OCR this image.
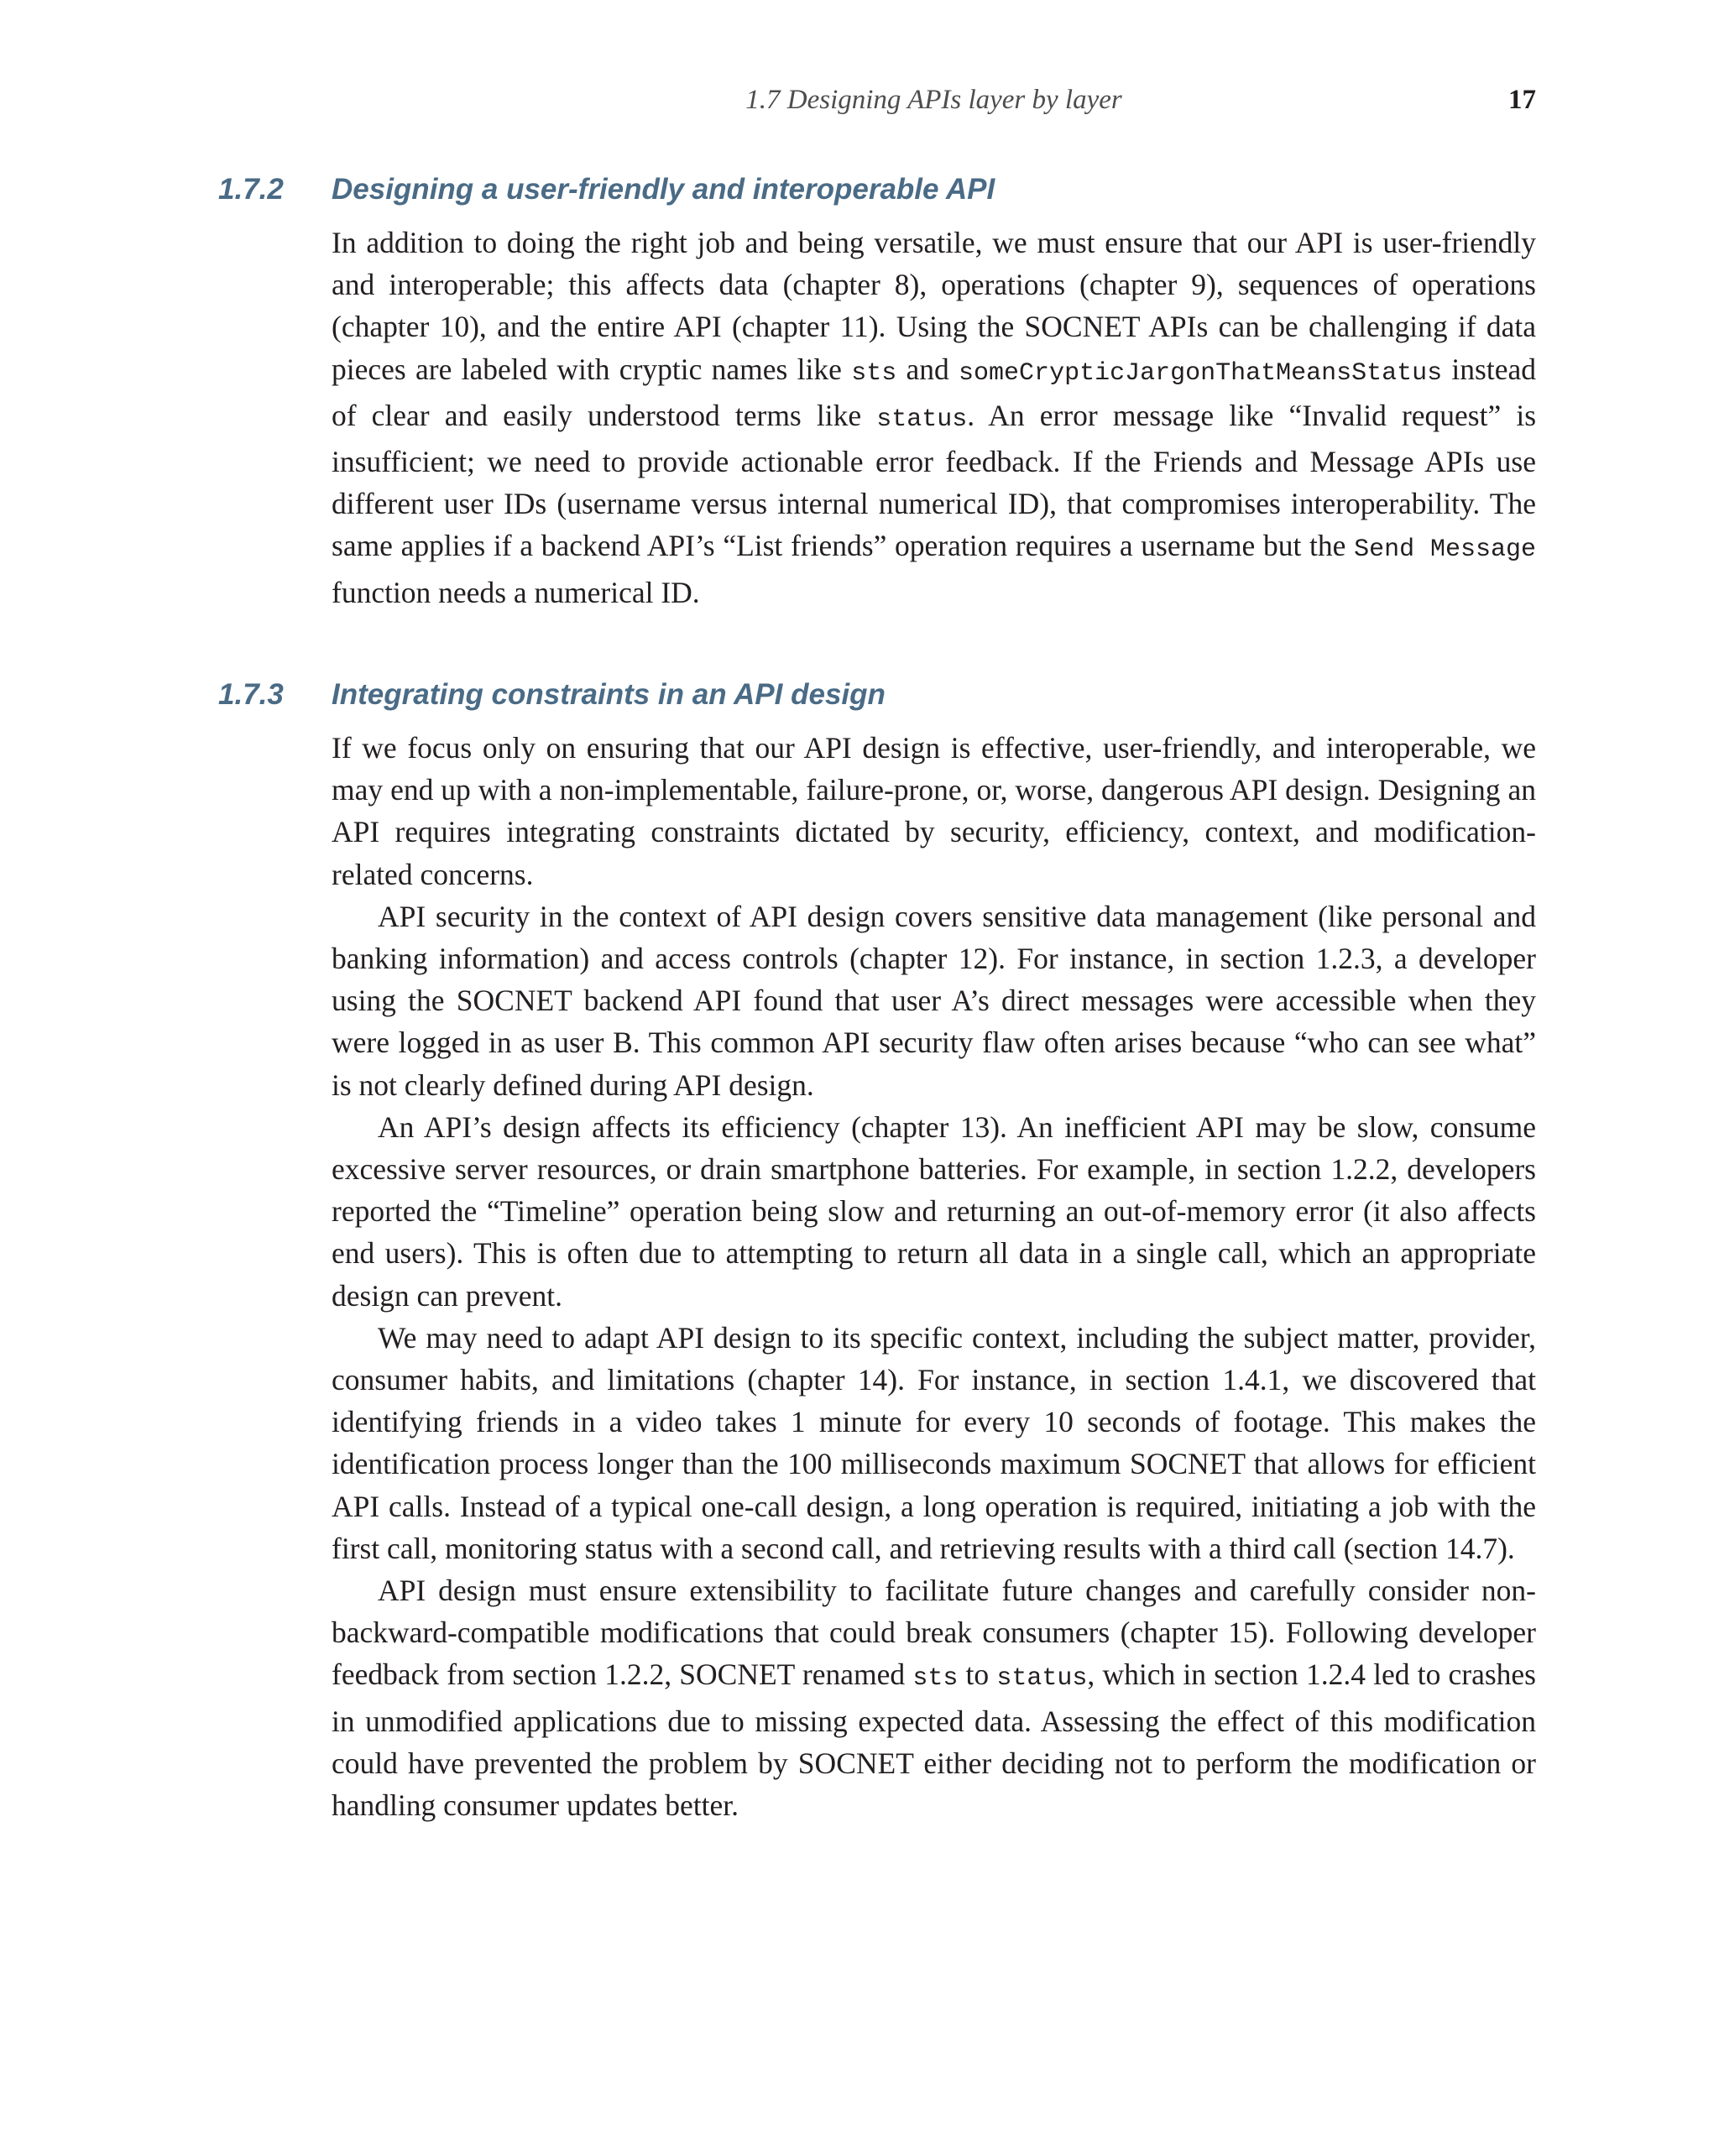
1.7 Designing APIs layer by layer	17
1.7.2 Designing a user-friendly and interoperable API

In addition to doing the right job and being versatile, we must ensure that our API is user-friendly and interoperable; this affects data (chapter 8), operations (chapter 9), sequences of operations (chapter 10), and the entire API (chapter 11). Using the SOCNET APIs can be challenging if data pieces are labeled with cryptic names like sts and someCrypticJargonThatMeansStatus instead of clear and easily understood terms like status. An error message like “Invalid request” is insufficient; we need to provide actionable error feedback. If the Friends and Message APIs use different user IDs (username versus internal numerical ID), that compromises interoperability. The same applies if a backend API’s “List friends” operation requires a username but the Send Message function needs a numerical ID.

1.7.3 Integrating constraints in an API design

If we focus only on ensuring that our API design is effective, user-friendly, and interoperable, we may end up with a non-implementable, failure-prone, or, worse, dangerous API design. Designing an API requires integrating constraints dictated by security, efficiency, context, and modification-related concerns.

API security in the context of API design covers sensitive data management (like personal and banking information) and access controls (chapter 12). For instance, in section 1.2.3, a developer using the SOCNET backend API found that user A’s direct messages were accessible when they were logged in as user B. This common API security flaw often arises because “who can see what” is not clearly defined during API design.

An API’s design affects its efficiency (chapter 13). An inefficient API may be slow, consume excessive server resources, or drain smartphone batteries. For example, in section 1.2.2, developers reported the “Timeline” operation being slow and returning an out-of-memory error (it also affects end users). This is often due to attempting to return all data in a single call, which an appropriate design can prevent.

We may need to adapt API design to its specific context, including the subject matter, provider, consumer habits, and limitations (chapter 14). For instance, in section 1.4.1, we discovered that identifying friends in a video takes 1 minute for every 10 seconds of footage. This makes the identification process longer than the 100 milliseconds maximum SOCNET that allows for efficient API calls. Instead of a typical one-call design, a long operation is required, initiating a job with the first call, monitoring status with a second call, and retrieving results with a third call (section 14.7).

API design must ensure extensibility to facilitate future changes and carefully consider non-backward-compatible modifications that could break consumers (chapter 15). Following developer feedback from section 1.2.2, SOCNET renamed sts to status, which in section 1.2.4 led to crashes in unmodified applications due to missing expected data. Assessing the effect of this modification could have prevented the problem by SOCNET either deciding not to perform the modification or handling consumer updates better.
